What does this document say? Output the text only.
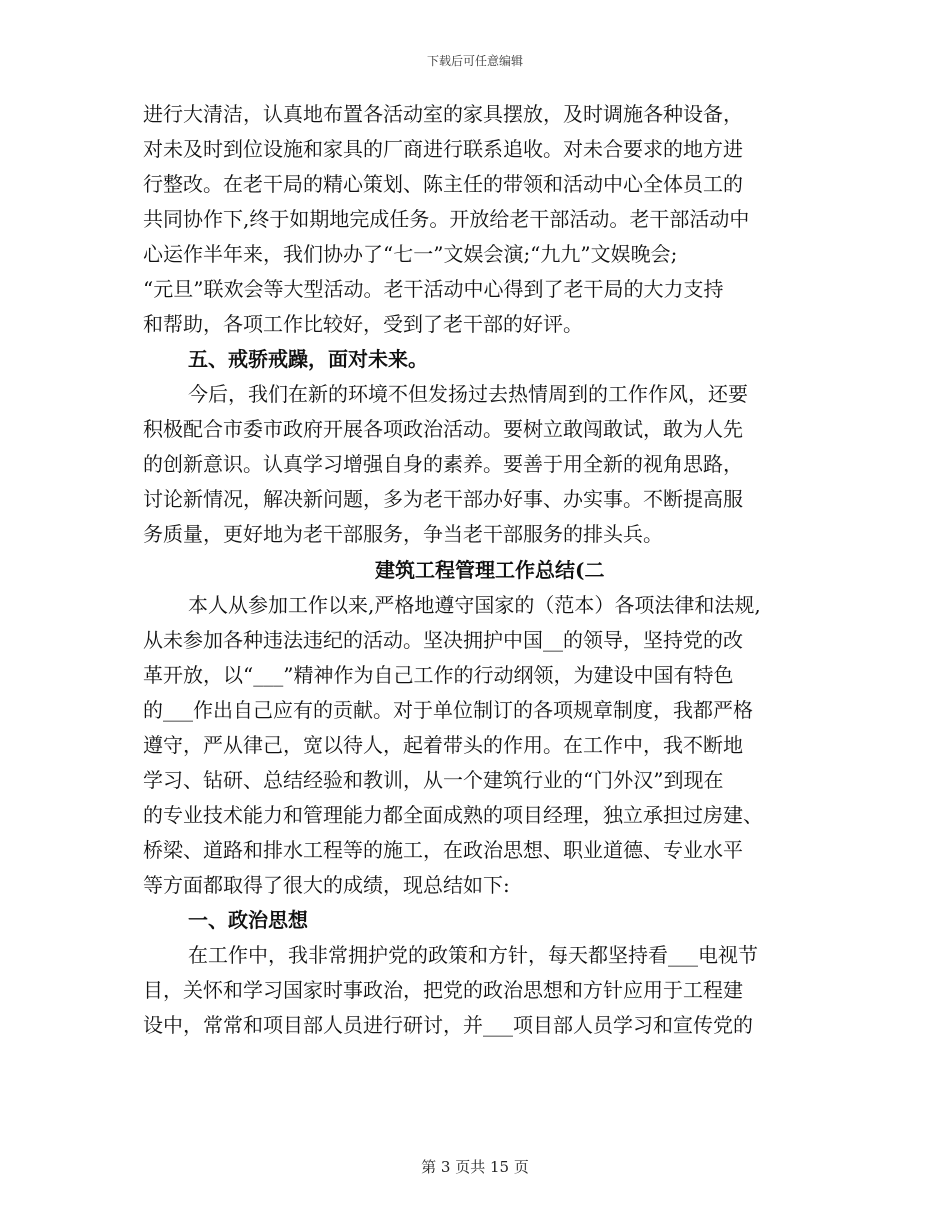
下载后可任意编辑
进行大清洁，认真地布置各活动室的家具摆放，及时调施各种设备，
对未及时到位设施和家具的厂商进行联系追收。对未合要求的地方进
行整改。在老干局的精心策划、陈主任的带领和活动中心全体员工的
共同协作下,终于如期地完成任务。开放给老干部活动。老干部活动中
心运作半年来，我们协办了“七一”文娱会演;“九九”文娱晚会;
“元旦”联欢会等大型活动。老干活动中心得到了老干局的大力支持
和帮助，各项工作比较好，受到了老干部的好评。
五、戒骄戒躁，面对未来。
今后，我们在新的环境不但发扬过去热情周到的工作作风，还要
积极配合市委市政府开展各项政治活动。要树立敢闯敢试，敢为人先
的创新意识。认真学习增强自身的素养。要善于用全新的视角思路，
讨论新情况，解决新问题，多为老干部办好事、办实事。不断提高服
务质量，更好地为老干部服务，争当老干部服务的排头兵。
建筑工程管理工作总结(二
本人从参加工作以来,严格地遵守国家的（范本）各项法律和法规,
从未参加各种违法违纪的活动。坚决拥护中国__的领导，坚持党的改
革开放，以“___”精神作为自己工作的行动纲领，为建设中国有特色
的___作出自己应有的贡献。对于单位制订的各项规章制度，我都严格
遵守，严从律己，宽以待人，起着带头的作用。在工作中，我不断地
学习、钻研、总结经验和教训，从一个建筑行业的“门外汉”到现在
的专业技术能力和管理能力都全面成熟的项目经理，独立承担过房建、
桥梁、道路和排水工程等的施工，在政治思想、职业道德、专业水平
等方面都取得了很大的成绩，现总结如下:
一、政治思想
在工作中，我非常拥护党的政策和方针，每天都坚持看___电视节
目，关怀和学习国家时事政治，把党的政治思想和方针应用于工程建
设中，常常和项目部人员进行研讨，并___项目部人员学习和宣传党的
第 3 页共 15 页
